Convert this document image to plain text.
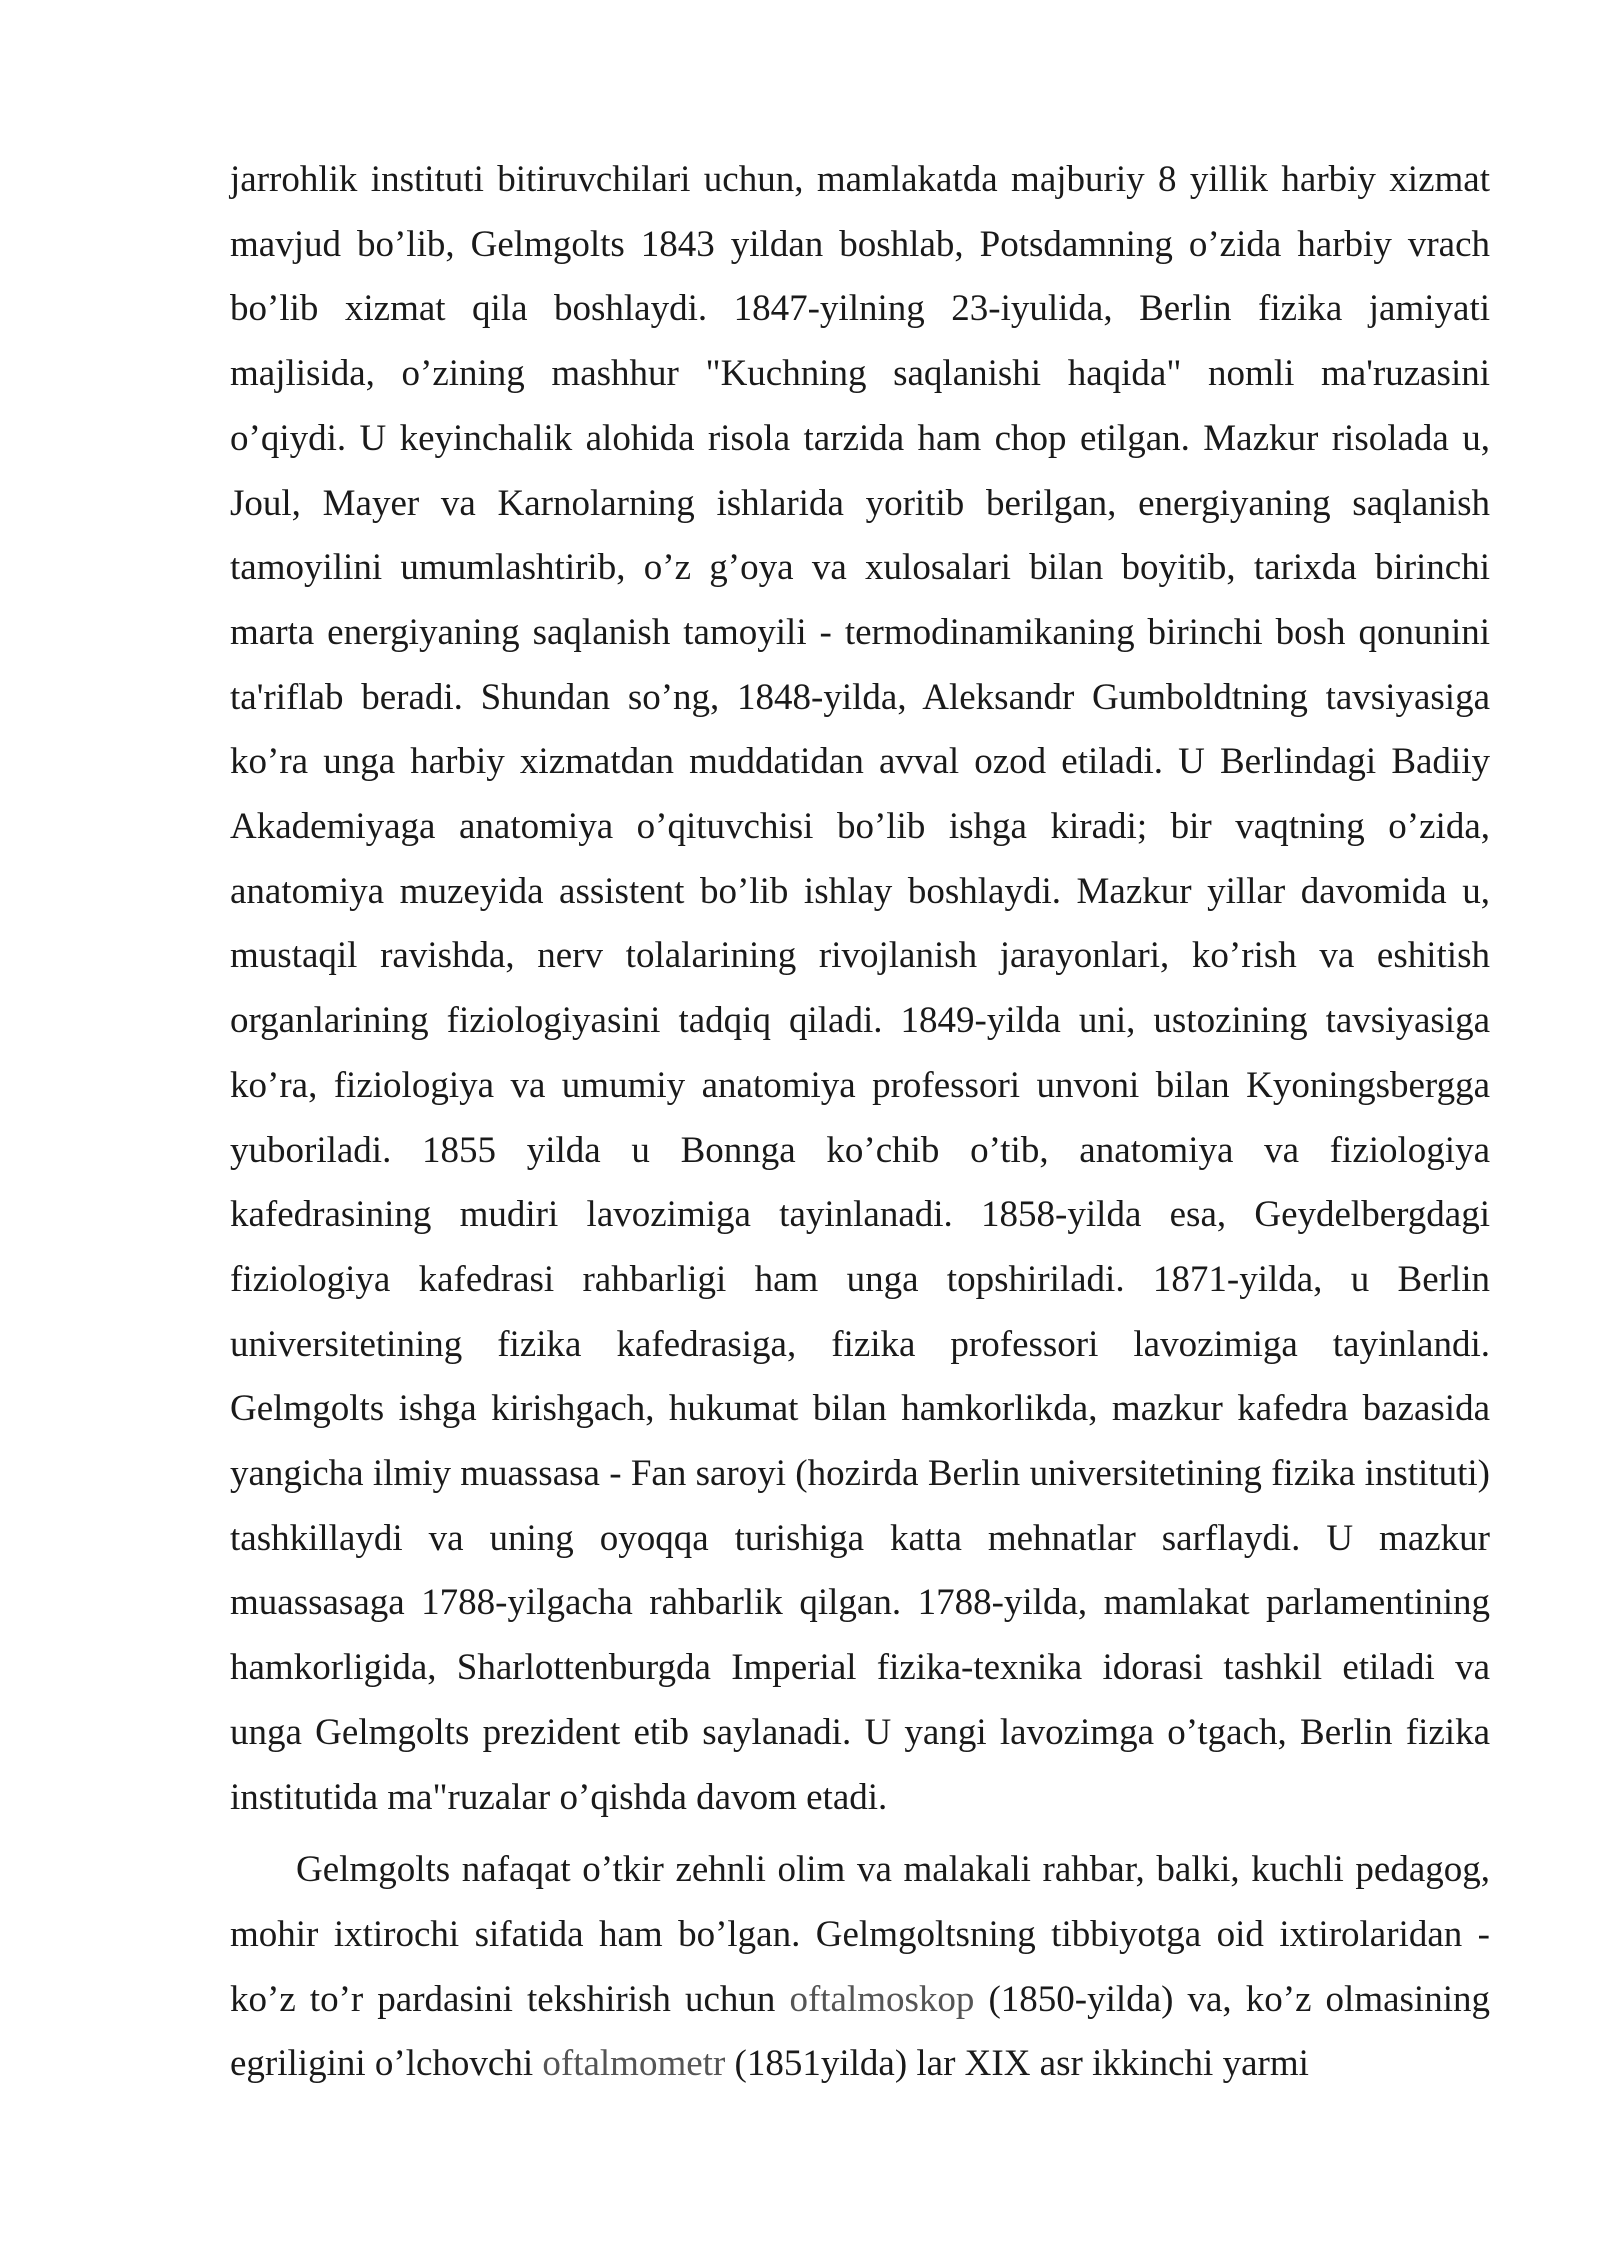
jarrohlik instituti bitiruvchilari uchun, mamlakatda majburiy 8 yillik harbiy xizmat mavjud bo’lib, Gelmgolts 1843 yildan boshlab, Potsdamning o’zida harbiy vrach bo’lib xizmat qila boshlaydi. 1847-yilning 23-iyulida, Berlin fizika jamiyati majlisida, o’zining mashhur "Kuchning saqlanishi haqida" nomli ma'ruzasini o’qiydi. U keyinchalik alohida risola tarzida ham chop etilgan. Mazkur risolada u, Joul, Mayer va Karnolarning ishlarida yoritib berilgan, energiyaning saqlanish tamoyilini umumlashtirib, o’z g’oya va xulosalari bilan boyitib, tarixda birinchi marta energiyaning saqlanish tamoyili - termodinamikaning birinchi bosh qonunini ta'riflab beradi. Shundan so’ng, 1848-yilda, Aleksandr Gumboldtning tavsiyasiga ko’ra unga harbiy xizmatdan muddatidan avval ozod etiladi. U Berlindagi Badiiy Akademiyaga anatomiya o’qituvchisi bo’lib ishga kiradi; bir vaqtning o’zida, anatomiya muzeyida assistent bo’lib ishlay boshlaydi. Mazkur yillar davomida u, mustaqil ravishda, nerv tolalarining rivojlanish jarayonlari, ko’rish va eshitish organlarining fiziologiyasini tadqiq qiladi. 1849-yilda uni, ustozining tavsiyasiga ko’ra, fiziologiya va umumiy anatomiya professori unvoni bilan Kyoningsbergga yuboriladi. 1855 yilda u Bonnga ko’chib o’tib, anatomiya va fiziologiya kafedrasining mudiri lavozimiga tayinlanadi. 1858-yilda esa, Geydelbergdagi fiziologiya kafedrasi rahbarligi ham unga topshiriladi. 1871-yilda, u Berlin universitetining fizika kafedrasiga, fizika professori lavozimiga tayinlandi. Gelmgolts ishga kirishgach, hukumat bilan hamkorlikda, mazkur kafedra bazasida yangicha ilmiy muassasa - Fan saroyi (hozirda Berlin universitetining fizika instituti) tashkillaydi va uning oyoqqa turishiga katta mehnatlar sarflaydi. U mazkur muassasaga 1788-yilgacha rahbarlik qilgan. 1788-yilda, mamlakat parlamentining hamkorligida, Sharlottenburgda Imperial fizika-texnika idorasi tashkil etiladi va unga Gelmgolts prezident etib saylanadi. U yangi lavozimga o’tgach, Berlin fizika institutida ma"ruzalar o’qishda davom etadi.

Gelmgolts nafaqat o’tkir zehnli olim va malakali rahbar, balki, kuchli pedagog, mohir ixtirochi sifatida ham bo’lgan. Gelmgoltsning tibbiyotga oid ixtirolaridan - ko’z to’r pardasini tekshirish uchun oftalmoskop (1850-yilda) va, ko’z olmasining egriligini o’lchovchi oftalmometr (1851yilda) lar XIX asr ikkinchi yarmi
